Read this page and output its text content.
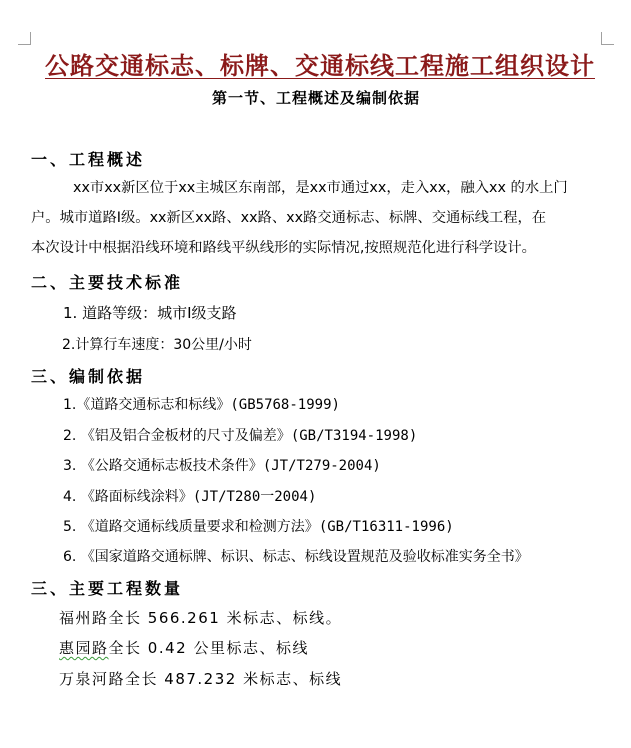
公路交通标志、标牌、交通标线工程施工组织设计
第一节、工程概述及编制依据
一、工程概述
xx市xx新区位于xx主城区东南部，是xx市通过xx，走入xx，融入xx 的水上门
户。城市道路Ⅰ级。xx新区xx路、xx路、xx路交通标志、标牌、交通标线工程，在
本次设计中根据沿线环境和路线平纵线形的实际情况,按照规范化进行科学设计。
二、主要技术标准
1. 道路等级：城市Ⅰ级支路
2.计算行车速度：30公里/小时
三、编制依据
1.《道路交通标志和标线》(GB5768-1999)
2. 《铝及铝合金板材的尺寸及偏差》(GB/T3194-1998)
3. 《公路交通标志板技术条件》(JT/T279-2004)
4. 《路面标线涂料》(JT/T280一2004)
5. 《道路交通标线质量要求和检测方法》(GB/T16311-1996)
6. 《国家道路交通标牌、标识、标志、标线设置规范及验收标准实务全书》
三、主要工程数量
福州路全长 566.261 米标志、标线。
惠园路全长 0.42 公里标志、标线
万泉河路全长 487.232 米标志、标线
